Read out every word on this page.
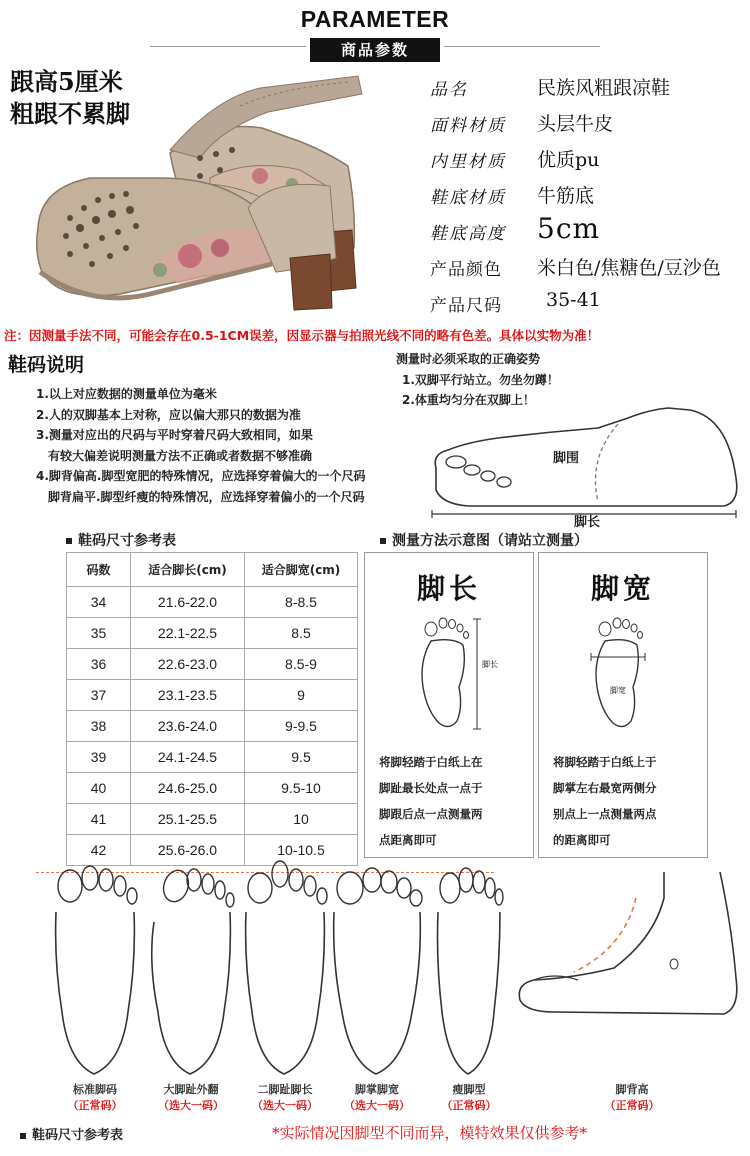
PARAMETER
商品参数
跟高5厘米
粗跟不累脚
品名	民族风粗跟凉鞋
面料材质	头层牛皮
内里材质	优质pu
鞋底材质	牛筋底
鞋底高度	5cm
产品颜色	米白色/焦糖色/豆沙色
产品尺码	35-41
注：因测量手法不同，可能会存在0.5-1CM误差，因显示器与拍照光线不同的略有色差。具体以实物为准！
鞋码说明
1.以上对应数据的测量单位为毫米
2.人的双脚基本上对称，应以偏大那只的数据为准
3.测量对应出的尺码与平时穿着尺码大致相同，如果
有较大偏差说明测量方法不正确或者数据不够准确
4.脚背偏高.脚型宽肥的特殊情况，应选择穿着偏大的一个尺码
脚背扁平.脚型纤瘦的特殊情况，应选择穿着偏小的一个尺码
测量时必须采取的正确姿势
1.双脚平行站立。勿坐勿蹲！
2.体重均匀分在双脚上！
脚围
脚长
鞋码尺寸参考表
码数	适合脚长(cm)	适合脚宽(cm)
34	21.6-22.0	8-8.5
35	22.1-22.5	8.5
36	22.6-23.0	8.5-9
37	23.1-23.5	9
38	23.6-24.0	9-9.5
39	24.1-24.5	9.5
40	24.6-25.0	9.5-10
41	25.1-25.5	10
42	25.6-26.0	10-10.5
测量方法示意图（请站立测量）
脚长
脚长
将脚轻踏于白纸上在
脚趾最长处点一点于
脚跟后点一点测量两
点距离即可
脚宽
脚宽
将脚轻踏于白纸上于
脚掌左右最宽两侧分
别点上一点测量两点
的距离即可
标准脚码
（正常码）
大脚趾外翻
（选大一码）
二脚趾脚长
（选大一码）
脚掌脚宽
（选大一码）
瘦脚型
（正常码）
脚背高
（正常码）
鞋码尺寸参考表	*实际情况因脚型不同而异，模特效果仅供参考*
